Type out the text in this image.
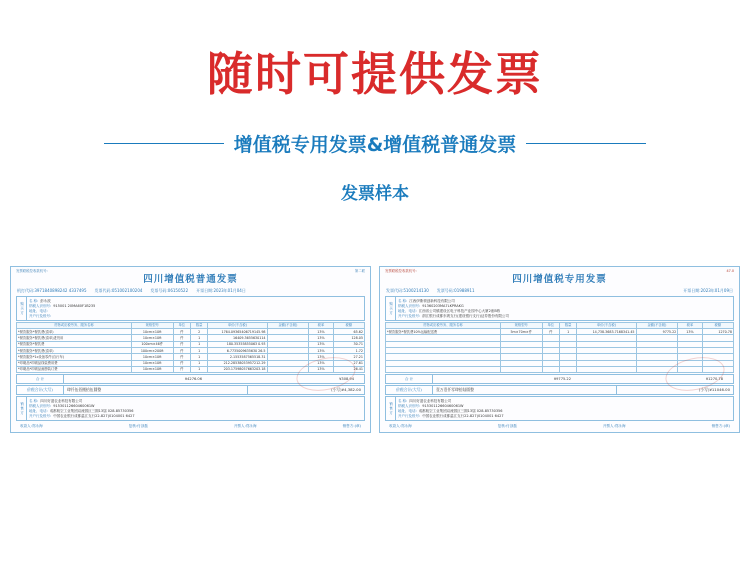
随时可提供发票
增值税专用发票&增值税普通发票
发票样本
发票联税控收款机号:	第二联
四川增值税普通发票
机打代码:3971840898242 4337495 发票代码:051002100204 发票号码:06150522 开票日期:2023年01月04日
购买方
名 称: 彭永波
纳税人识别号: 915001 20MA60F1B235
地址、电话:
开户行及账号:
货物或应税劳务、服务名称	规格型号	单位	数量	单价(不含税)	金额(不含税)	税率	税额
*餐饮服务*餐饮费(清单)	10cm×10ft	件	2	1764.09365406719145.98		13%	65.62
*餐饮服务*餐饮费(清单)进货用	10cm×10ft	件	1	16409.3655630114		13%	128.05
*餐饮服务*餐饮费	100cm×46件	件	1	180.35355855063 0.93		13%	30.71
*餐饮服务*餐饮费(清单)	100cm×200ft	件	1	6.7735009635630 26.5		13%	1.72
*餐饮服务*1c设备零件(自行车)	10cm×10ft	件	1	2.1553587565518.31		13%	27.21
*印刷品*印刷品线装费用费	10cm×10ft	件	1	212.28538053957212.29		13%	27.61
*印刷品*印刷品画册装订费	10cm×10ft	件	1	203.17598057663203.18		13%	26.41
合 计	¥4276.06	¥308.94
价税合计(大写)	肆仟伍佰捌拾伍圆整	(小写)¥4,382.00
销售方
名 称: 四川好滋农业科技有限公司
纳税人识别号: 91530112660460061W
地址、电话: 成都航空工业集团双流园区三期13届 028-85730356
开户行及账号: 中国农业银行成都温江支行22-827)0104001 6427
收款人:郑永海	复核:付剑磊	开票人:郑永海	销售方:(章)
发票联税控收款机号:	47.0
四川增值税专用发票
发票代码:5100214130 发票号码:01988911	开票日期:2023年01月09日
购买方
名 称: 江西伊斯顿创新科技有限公司
纳税人识别号: 91360203MA7LKPRAKG
地址、电话: 江西省公司镇建设区电子科技产业园中心大厦2座B栋
开户行及账号: 浙江银行成都东坡支行(建设银行支行)证券股份有限公司
货物或应税劳务、服务名称	规格型号	单位	数量	单价(不含税)	金额(不含税)	税率	税额
*餐饮服务*餐饮费10%运输配送费	5m×70m×件	件	1	14,738.3683.7168341.45	9775.22	13%	1270.78

合 计	¥9775.22	¥1270.78
价税合计(大写)	壹万壹仟零肆拾陆圆整	(小写)¥11046.00
销售方
名 称: 四川好滋农业科技有限公司
纳税人识别号: 91530112660460061W
地址、电话: 成都航空工业集团双流园区三期13届 028-85730356
开户行及账号: 中国农业银行成都温江支行22-827)0104001 6427
收款人:郑永海	复核:付剑磊	开票人:郑永海	销售方:(章)
